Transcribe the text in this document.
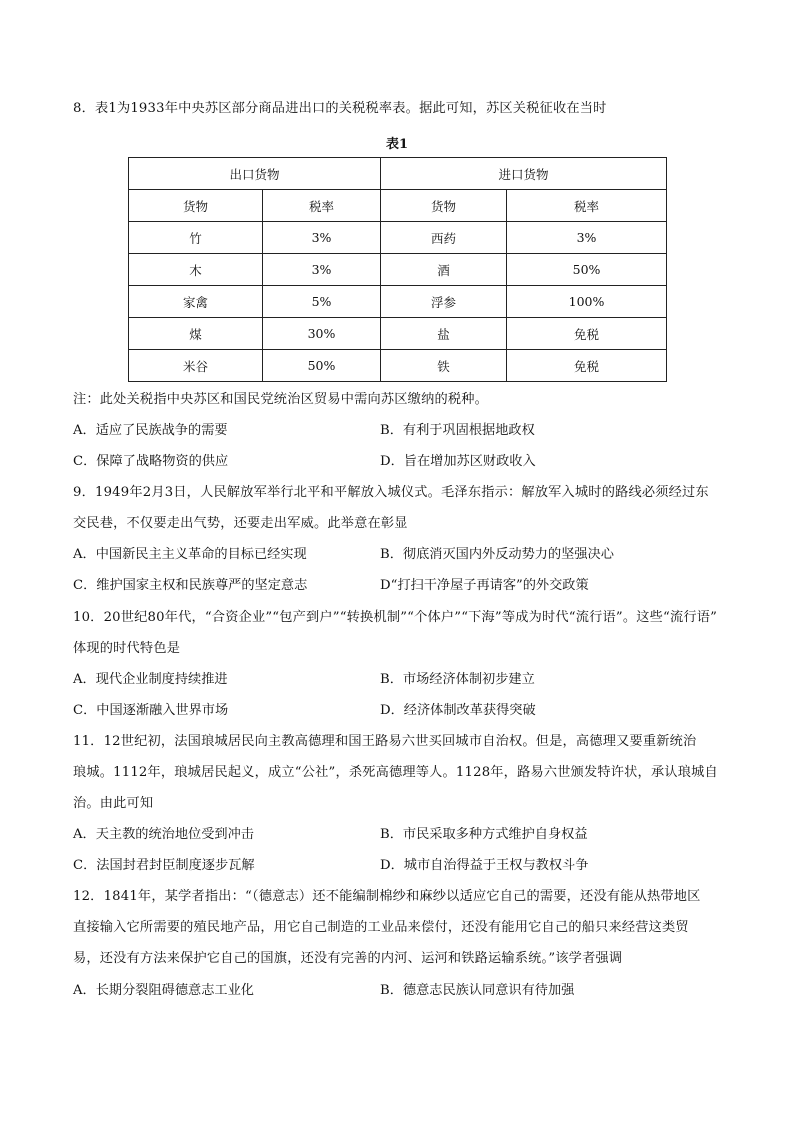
8．表1为1933年中央苏区部分商品进出口的关税税率表。据此可知，苏区关税征收在当时
表1
出口货物		进口货物	
货物	税率	货物	税率
竹	3%	西药	3%
木	3%	酒	50%
家禽	5%	浮参	100%
煤	30%	盐	免税
米谷	50%	铁	免税
注：此处关税指中央苏区和国民党统治区贸易中需向苏区缴纳的税种。
A．适应了民族战争的需要	B．有利于巩固根据地政权
C．保障了战略物资的供应	D．旨在增加苏区财政收入
9．1949年2月3日，人民解放军举行北平和平解放入城仪式。毛泽东指示：解放军入城时的路线必须经过东
交民巷，不仅要走出气势，还要走出军威。此举意在彰显
A．中国新民主主义革命的目标已经实现	B．彻底消灭国内外反动势力的坚强决心
C．维护国家主权和民族尊严的坚定意志	D“打扫干净屋子再请客”的外交政策
10．20世纪80年代，“合资企业”“包产到户”“转换机制”“个体户”“下海”等成为时代“流行语”。这些“流行语”
体现的时代特色是
A．现代企业制度持续推进	B．市场经济体制初步建立
C．中国逐渐融入世界市场	D．经济体制改革获得突破
11．12世纪初，法国琅城居民向主教高德理和国王路易六世买回城市自治权。但是，高德理又要重新统治
琅城。1112年，琅城居民起义，成立“公社”，杀死高德理等人。1128年，路易六世颁发特许状，承认琅城自
治。由此可知
A．天主教的统治地位受到冲击	B．市民采取多种方式维护自身权益
C．法国封君封臣制度逐步瓦解	D．城市自治得益于王权与教权斗争
12．1841年，某学者指出：“（德意志）还不能编制棉纱和麻纱以适应它自己的需要，还没有能从热带地区
直接输入它所需要的殖民地产品，用它自己制造的工业品来偿付，还没有能用它自己的船只来经营这类贸
易，还没有方法来保护它自己的国旗，还没有完善的内河、运河和铁路运输系统。”该学者强调
A．长期分裂阻碍德意志工业化	B．德意志民族认同意识有待加强
